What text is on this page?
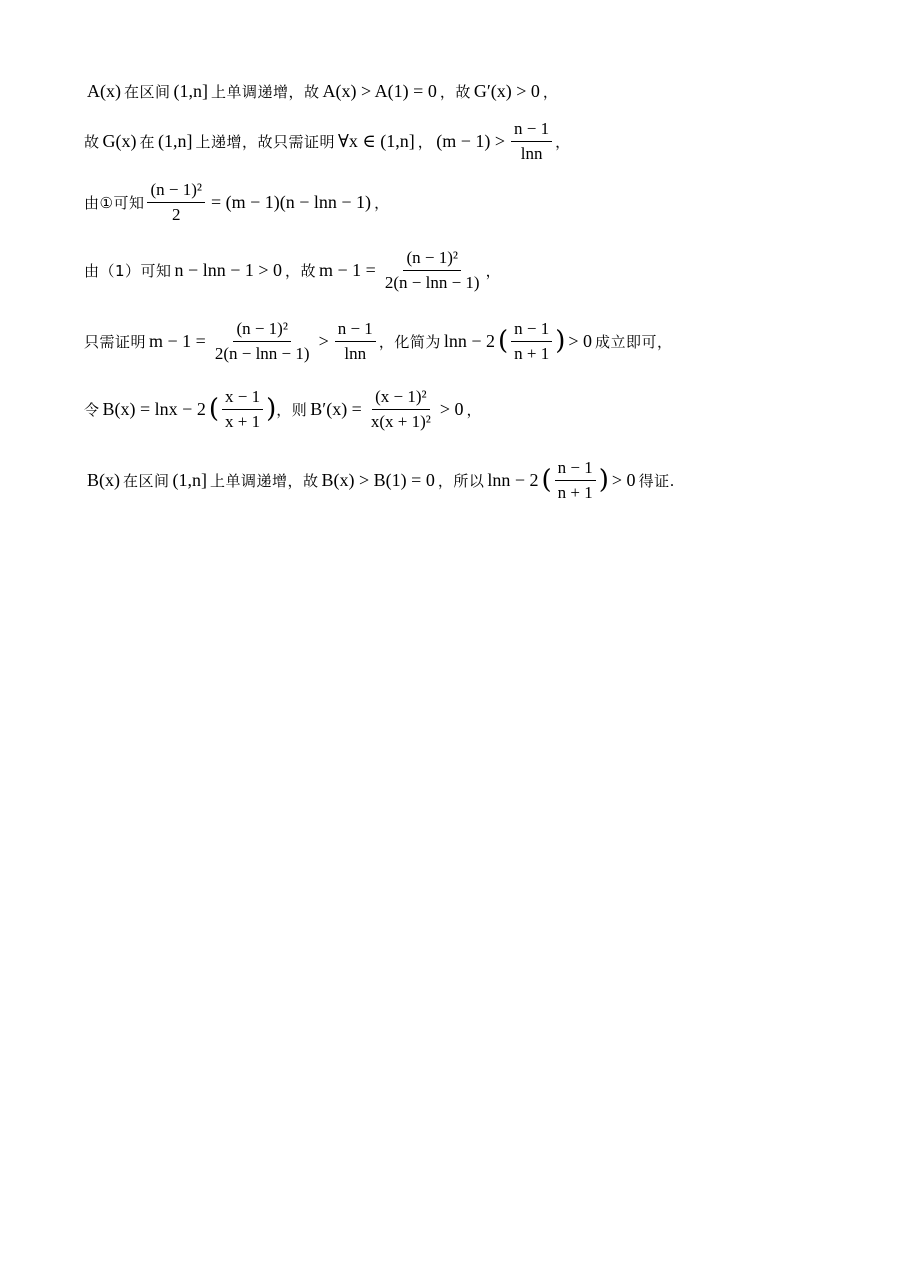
A(x) 在区间 (1,n] 上单调递增，故 A(x) > A(1) = 0 ，故 G′(x) > 0 ，
故 G(x) 在 (1,n] 上递增，故只需证明 ∀x ∈ (1,n] ， $(m - 1) > \frac{n - 1}{\ln n}$ ，
由①可知 $\frac{\text{(n − 1)²}}{2} = (m - 1)(n - \ln n - 1)$ ，
由（1）可知 n − lnn − 1 > 0 ，故 $m - 1 = \frac{\text{(n − 1)²}}{2(n - \ln n - 1)}$ ，
只需证明 $m - 1 = \frac{\text{(n − 1)²}}{2(n - \ln n - 1)} > \frac{n - 1}{\ln n}$ ，化简为 lnn − 2 ( $\frac{n - 1}{n + 1}$ ) > 0 成立即可，
令 B(x) = lnx − 2 ( $\frac{x - 1}{x + 1}$ ) ，则 $B'(x) = \frac{\text{(x − 1)²}}{\text{x(x + 1)²}} > 0$ ，
B(x) 在区间 (1,n] 上单调递增，故 B(x) > B(1) = 0 ，所以 lnn − 2 ( $\frac{n - 1}{n + 1}$ ) > 0 得证.
